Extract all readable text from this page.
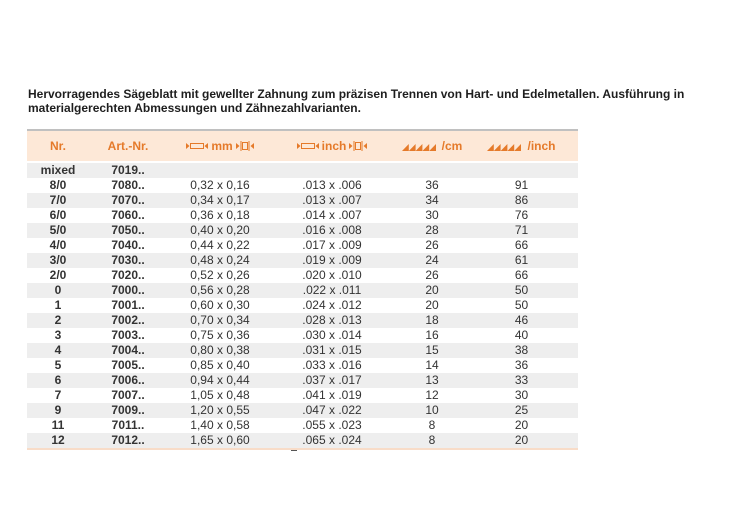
Hervorragendes Sägeblatt mit gewellter Zahnung zum präzisen Trennen von Hart- und Edelmetallen. Ausführung in
materialgerechten Abmessungen und Zähnezahlvarianten.
Nr.	Art.-Nr.	mm	inch	/cm	/inch
mixed	7019..
8/0	7080..	0,32 x 0,16	.013 x .006	36	91
7/0	7070..	0,34 x 0,17	.013 x .007	34	86
6/0	7060..	0,36 x 0,18	.014 x .007	30	76
5/0	7050..	0,40 x 0,20	.016 x .008	28	71
4/0	7040..	0,44 x 0,22	.017 x .009	26	66
3/0	7030..	0,48 x 0,24	.019 x .009	24	61
2/0	7020..	0,52 x 0,26	.020 x .010	26	66
0	7000..	0,56 x 0,28	.022 x .011	20	50
1	7001..	0,60 x 0,30	.024 x .012	20	50
2	7002..	0,70 x 0,34	.028 x .013	18	46
3	7003..	0,75 x 0,36	.030 x .014	16	40
4	7004..	0,80 x 0,38	.031 x .015	15	38
5	7005..	0,85 x 0,40	.033 x .016	14	36
6	7006..	0,94 x 0,44	.037 x .017	13	33
7	7007..	1,05 x 0,48	.041 x .019	12	30
9	7009..	1,20 x 0,55	.047 x .022	10	25
11	7011..	1,40 x 0,58	.055 x .023	8	20
12	7012..	1,65 x 0,60	.065 x .024	8	20
